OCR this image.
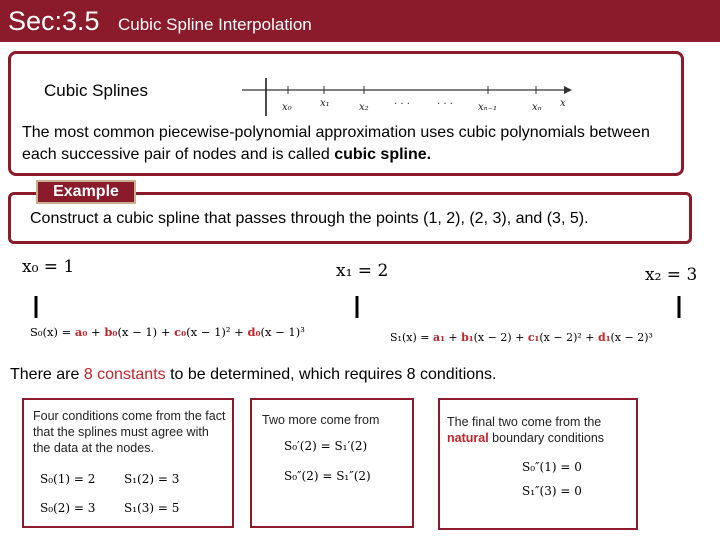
Sec:3.5 Cubic Spline Interpolation
Cubic Splines
x₀	x₁	x₂
. . .	. . .
xₙ₋₁	xₙ x
The most common piecewise-polynomial approximation uses cubic polynomials between each successive pair of nodes and is called cubic spline.
Example
Construct a cubic spline that passes through the points (1, 2), (2, 3), and (3, 5).
x₀ = 1	x₁ = 2	x₂ = 3
S₀(x) = a₀ + b₀(x − 1) + c₀(x − 1)² + d₀(x − 1)³	S₁(x) = a₁ + b₁(x − 2) + c₁(x − 2)² + d₁(x − 2)³
There are 8 constants to be determined, which requires 8 conditions.
Four conditions come from the fact that the splines must agree with the data at the nodes.
S₀(1) = 2 S₁(2) = 3
S₀(2) = 3 S₁(3) = 5
Two more come from
S₀′(2) = S₁′(2)
S₀″(2) = S₁″(2)
The final two come from the natural boundary conditions
S₀″(1) = 0
S₁″(3) = 0
